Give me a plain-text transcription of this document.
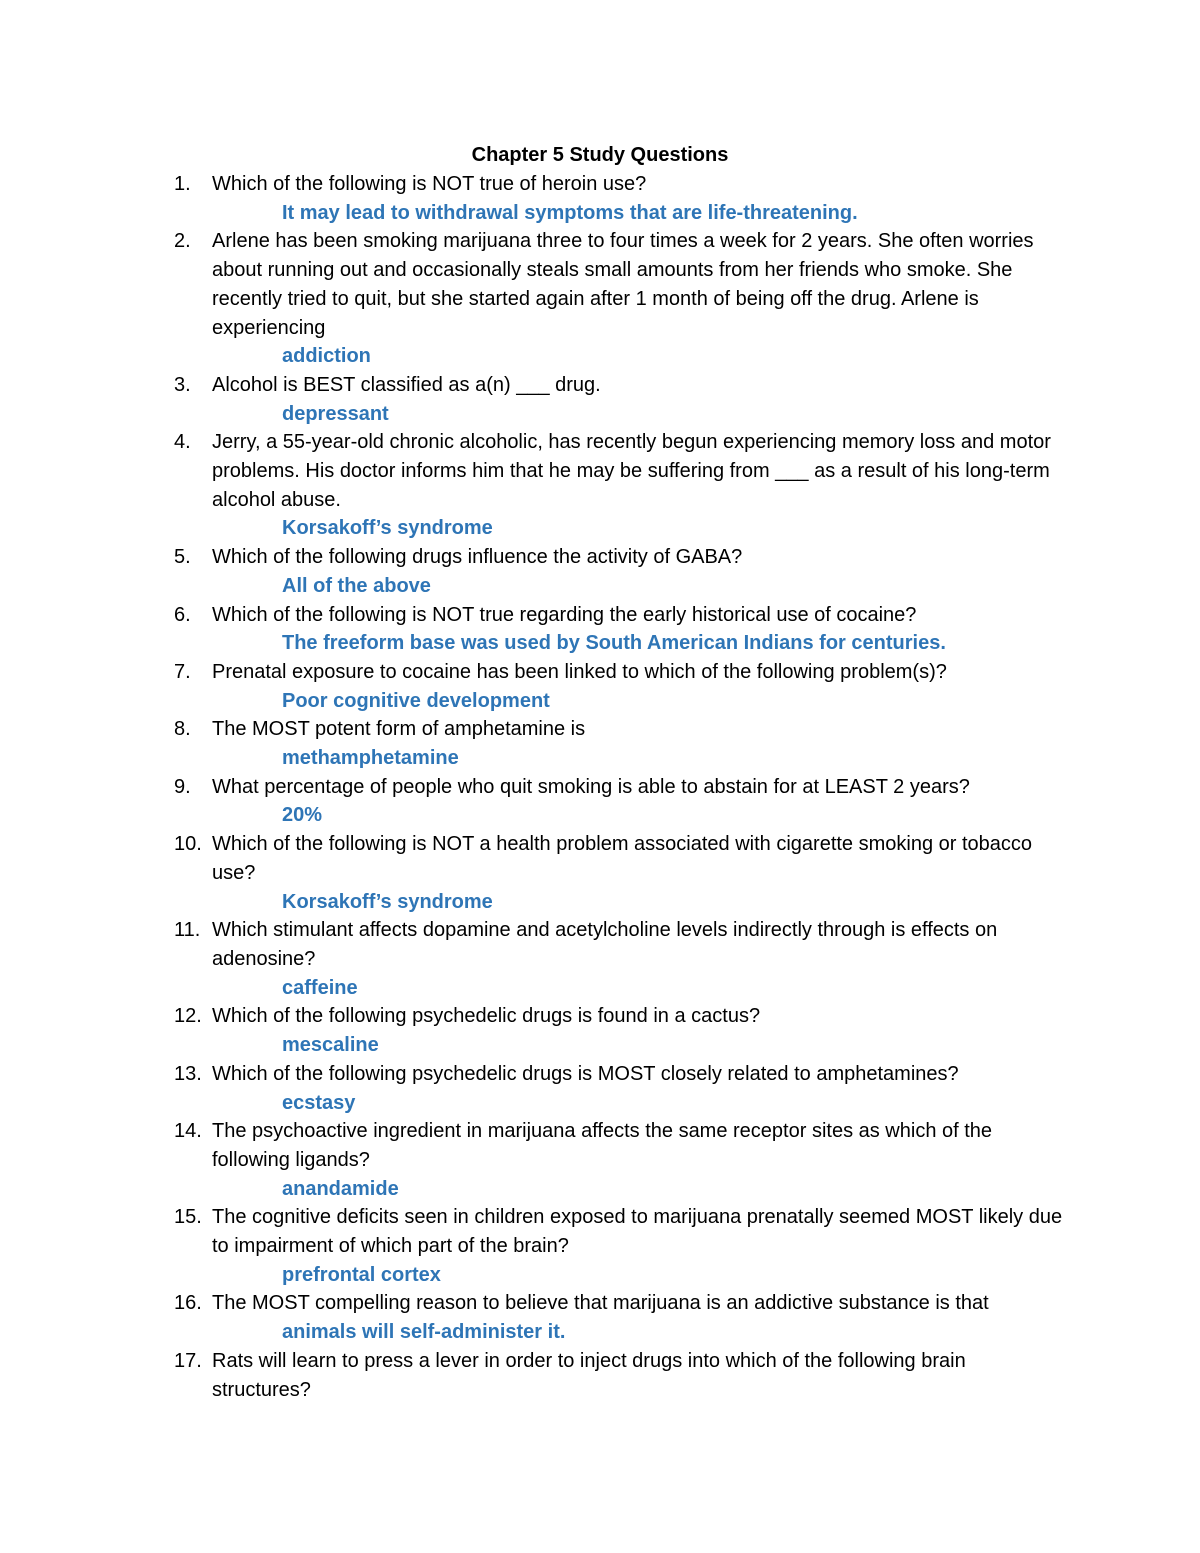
Chapter 5 Study Questions
1.	Which of the following is NOT true of heroin use?
It may lead to withdrawal symptoms that are life-threatening.
2.	Arlene has been smoking marijuana three to four times a week for 2 years. She often worries about running out and occasionally steals small amounts from her friends who smoke. She recently tried to quit, but she started again after 1 month of being off the drug. Arlene is experiencing
addiction
3.	Alcohol is BEST classified as a(n) ___ drug.
depressant
4.	Jerry, a 55-year-old chronic alcoholic, has recently begun experiencing memory loss and motor problems. His doctor informs him that he may be suffering from ___ as a result of his long-term alcohol abuse.
Korsakoff’s syndrome
5.	Which of the following drugs influence the activity of GABA?
All of the above
6.	Which of the following is NOT true regarding the early historical use of cocaine?
The freeform base was used by South American Indians for centuries.
7.	Prenatal exposure to cocaine has been linked to which of the following problem(s)?
Poor cognitive development
8.	The MOST potent form of amphetamine is
methamphetamine
9.	What percentage of people who quit smoking is able to abstain for at LEAST 2 years?
20%
10. Which of the following is NOT a health problem associated with cigarette smoking or tobacco use?
Korsakoff’s syndrome
11. Which stimulant affects dopamine and acetylcholine levels indirectly through is effects on adenosine?
caffeine
12. Which of the following psychedelic drugs is found in a cactus?
mescaline
13. Which of the following psychedelic drugs is MOST closely related to amphetamines?
ecstasy
14. The psychoactive ingredient in marijuana affects the same receptor sites as which of the following ligands?
anandamide
15. The cognitive deficits seen in children exposed to marijuana prenatally seemed MOST likely due to impairment of which part of the brain?
prefrontal cortex
16. The MOST compelling reason to believe that marijuana is an addictive substance is that
animals will self-administer it.
17. Rats will learn to press a lever in order to inject drugs into which of the following brain structures?
